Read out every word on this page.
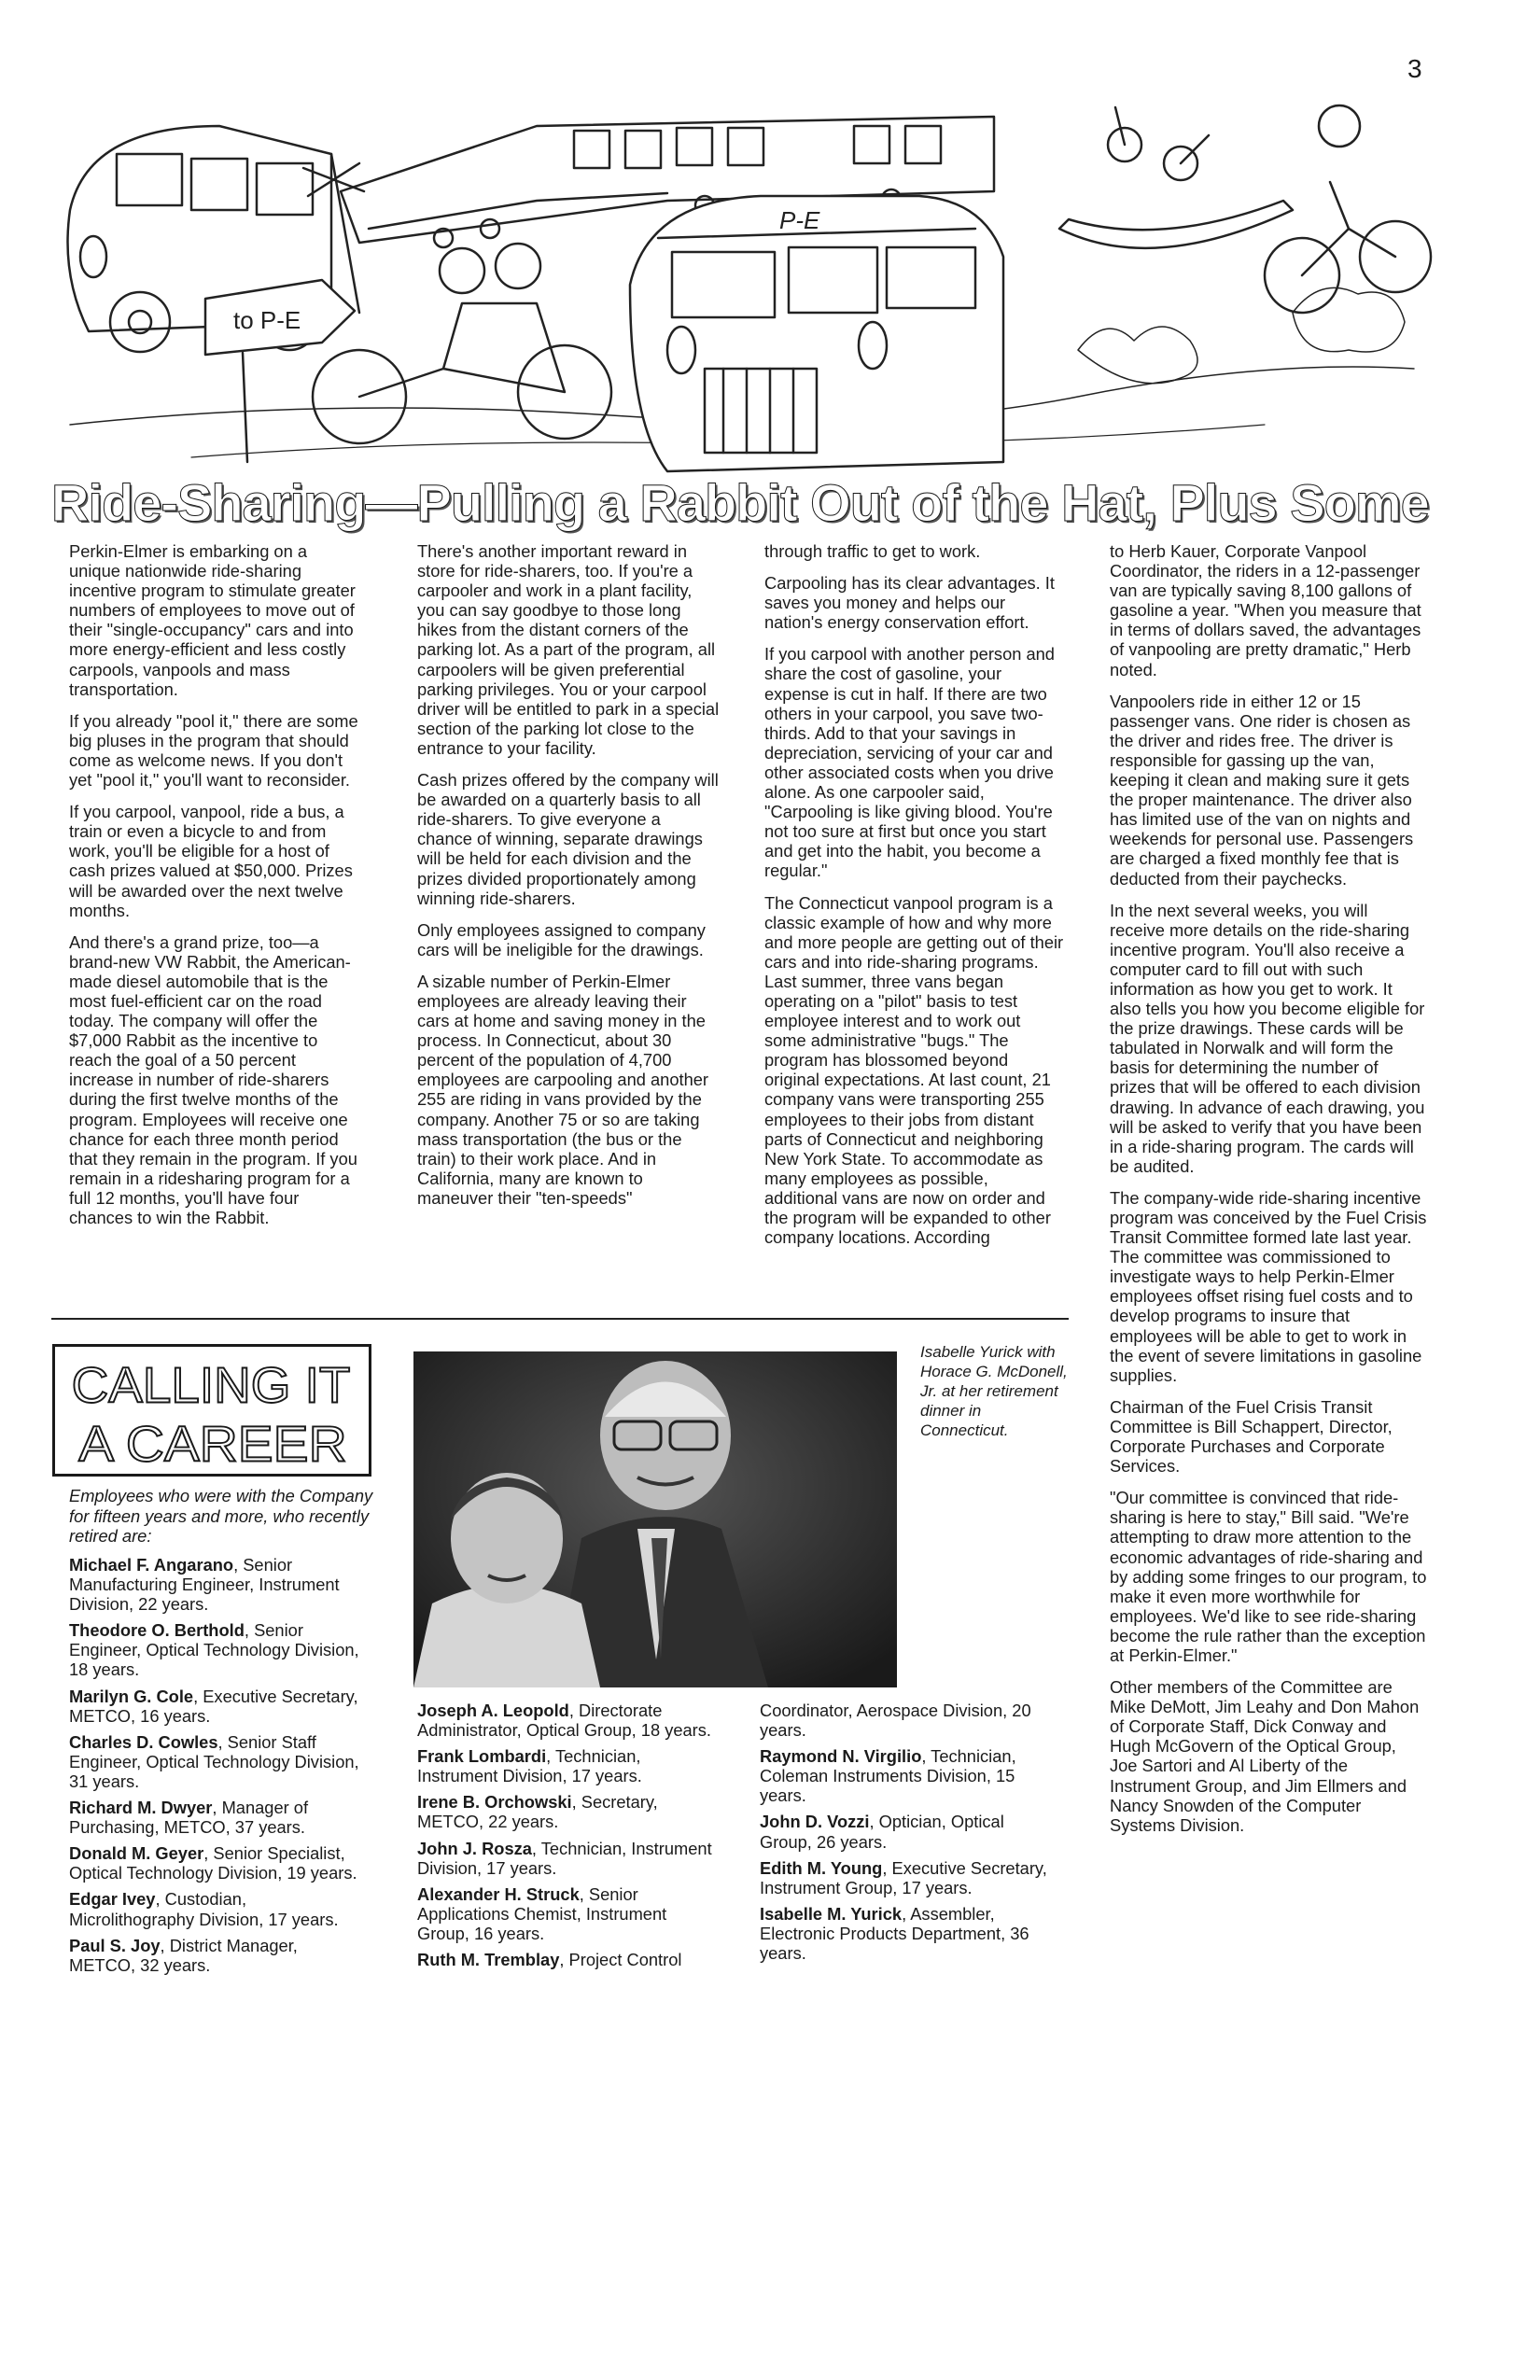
3
to P-E
P-E
Ride-Sharing—Pulling a Rabbit Out of the Hat, Plus Some

Perkin-Elmer is embarking on a unique nationwide ride-sharing incentive program to stimulate greater numbers of employees to move out of their "single-occupancy" cars and into more energy-efficient and less costly carpools, vanpools and mass transportation.

If you already "pool it," there are some big pluses in the program that should come as welcome news. If you don't yet "pool it," you'll want to reconsider.

If you carpool, vanpool, ride a bus, a train or even a bicycle to and from work, you'll be eligible for a host of cash prizes valued at $50,000. Prizes will be awarded over the next twelve months.

And there's a grand prize, too—a brand-new VW Rabbit, the American-made diesel automobile that is the most fuel-efficient car on the road today. The company will offer the $7,000 Rabbit as the incentive to reach the goal of a 50 percent increase in number of ride-sharers during the first twelve months of the program. Employees will receive one chance for each three month period that they remain in the program. If you remain in a ridesharing program for a full 12 months, you'll have four chances to win the Rabbit.

There's another important reward in store for ride-sharers, too. If you're a carpooler and work in a plant facility, you can say goodbye to those long hikes from the distant corners of the parking lot. As a part of the program, all carpoolers will be given preferential parking privileges. You or your carpool driver will be entitled to park in a special section of the parking lot close to the entrance to your facility.

Cash prizes offered by the company will be awarded on a quarterly basis to all ride-sharers. To give everyone a chance of winning, separate drawings will be held for each division and the prizes divided proportionately among winning ride-sharers.

Only employees assigned to company cars will be ineligible for the drawings.

A sizable number of Perkin-Elmer employees are already leaving their cars at home and saving money in the process. In Connecticut, about 30 percent of the population of 4,700 employees are carpooling and another 255 are riding in vans provided by the company. Another 75 or so are taking mass transportation (the bus or the train) to their work place. And in California, many are known to maneuver their "ten-speeds"

through traffic to get to work.

Carpooling has its clear advantages. It saves you money and helps our nation's energy conservation effort.

If you carpool with another person and share the cost of gasoline, your expense is cut in half. If there are two others in your carpool, you save two-thirds. Add to that your savings in depreciation, servicing of your car and other associated costs when you drive alone. As one carpooler said, "Carpooling is like giving blood. You're not too sure at first but once you start and get into the habit, you become a regular."

The Connecticut vanpool program is a classic example of how and why more and more people are getting out of their cars and into ride-sharing programs. Last summer, three vans began operating on a "pilot" basis to test employee interest and to work out some administrative "bugs." The program has blossomed beyond original expectations. At last count, 21 company vans were transporting 255 employees to their jobs from distant parts of Connecticut and neighboring New York State. To accommodate as many employees as possible, additional vans are now on order and the program will be expanded to other company locations. According

to Herb Kauer, Corporate Vanpool Coordinator, the riders in a 12-passenger van are typically saving 8,100 gallons of gasoline a year. "When you measure that in terms of dollars saved, the advantages of vanpooling are pretty dramatic," Herb noted.

Vanpoolers ride in either 12 or 15 passenger vans. One rider is chosen as the driver and rides free. The driver is responsible for gassing up the van, keeping it clean and making sure it gets the proper maintenance. The driver also has limited use of the van on nights and weekends for personal use. Passengers are charged a fixed monthly fee that is deducted from their paychecks.

In the next several weeks, you will receive more details on the ride-sharing incentive program. You'll also receive a computer card to fill out with such information as how you get to work. It also tells you how you become eligible for the prize drawings. These cards will be tabulated in Norwalk and will form the basis for determining the number of prizes that will be offered to each division drawing. In advance of each drawing, you will be asked to verify that you have been in a ride-sharing program. The cards will be audited.

The company-wide ride-sharing incentive program was conceived by the Fuel Crisis Transit Committee formed late last year. The committee was commissioned to investigate ways to help Perkin-Elmer employees offset rising fuel costs and to develop programs to insure that employees will be able to get to work in the event of severe limitations in gasoline supplies.

Chairman of the Fuel Crisis Transit Committee is Bill Schappert, Director, Corporate Purchases and Corporate Services.

"Our committee is convinced that ride-sharing is here to stay," Bill said. "We're attempting to draw more attention to the economic advantages of ride-sharing and by adding some fringes to our program, to make it even more worthwhile for employees. We'd like to see ride-sharing become the rule rather than the exception at Perkin-Elmer."

Other members of the Committee are Mike DeMott, Jim Leahy and Don Mahon of Corporate Staff, Dick Conway and Hugh McGovern of the Optical Group, Joe Sartori and Al Liberty of the Instrument Group, and Jim Ellmers and Nancy Snowden of the Computer Systems Division.

CALLING IT
A CAREER
Employees who were with the Company for fifteen years and more, who recently retired are:
Michael F. Angarano, Senior Manufacturing Engineer, Instrument Division, 22 years.
Theodore O. Berthold, Senior Engineer, Optical Technology Division, 18 years.
Marilyn G. Cole, Executive Secretary, METCO, 16 years.
Charles D. Cowles, Senior Staff Engineer, Optical Technology Division, 31 years.
Richard M. Dwyer, Manager of Purchasing, METCO, 37 years.
Donald M. Geyer, Senior Specialist, Optical Technology Division, 19 years.
Edgar Ivey, Custodian, Microlithography Division, 17 years.
Paul S. Joy, District Manager, METCO, 32 years.
Isabelle Yurick with Horace G. McDonell, Jr. at her retirement dinner in Connecticut.
Joseph A. Leopold, Directorate Administrator, Optical Group, 18 years.
Frank Lombardi, Technician, Instrument Division, 17 years.
Irene B. Orchowski, Secretary, METCO, 22 years.
John J. Rosza, Technician, Instrument Division, 17 years.
Alexander H. Struck, Senior Applications Chemist, Instrument Group, 16 years.
Ruth M. Tremblay, Project Control
Coordinator, Aerospace Division, 20 years.
Raymond N. Virgilio, Technician, Coleman Instruments Division, 15 years.
John D. Vozzi, Optician, Optical Group, 26 years.
Edith M. Young, Executive Secretary, Instrument Group, 17 years.
Isabelle M. Yurick, Assembler, Electronic Products Department, 36 years.
